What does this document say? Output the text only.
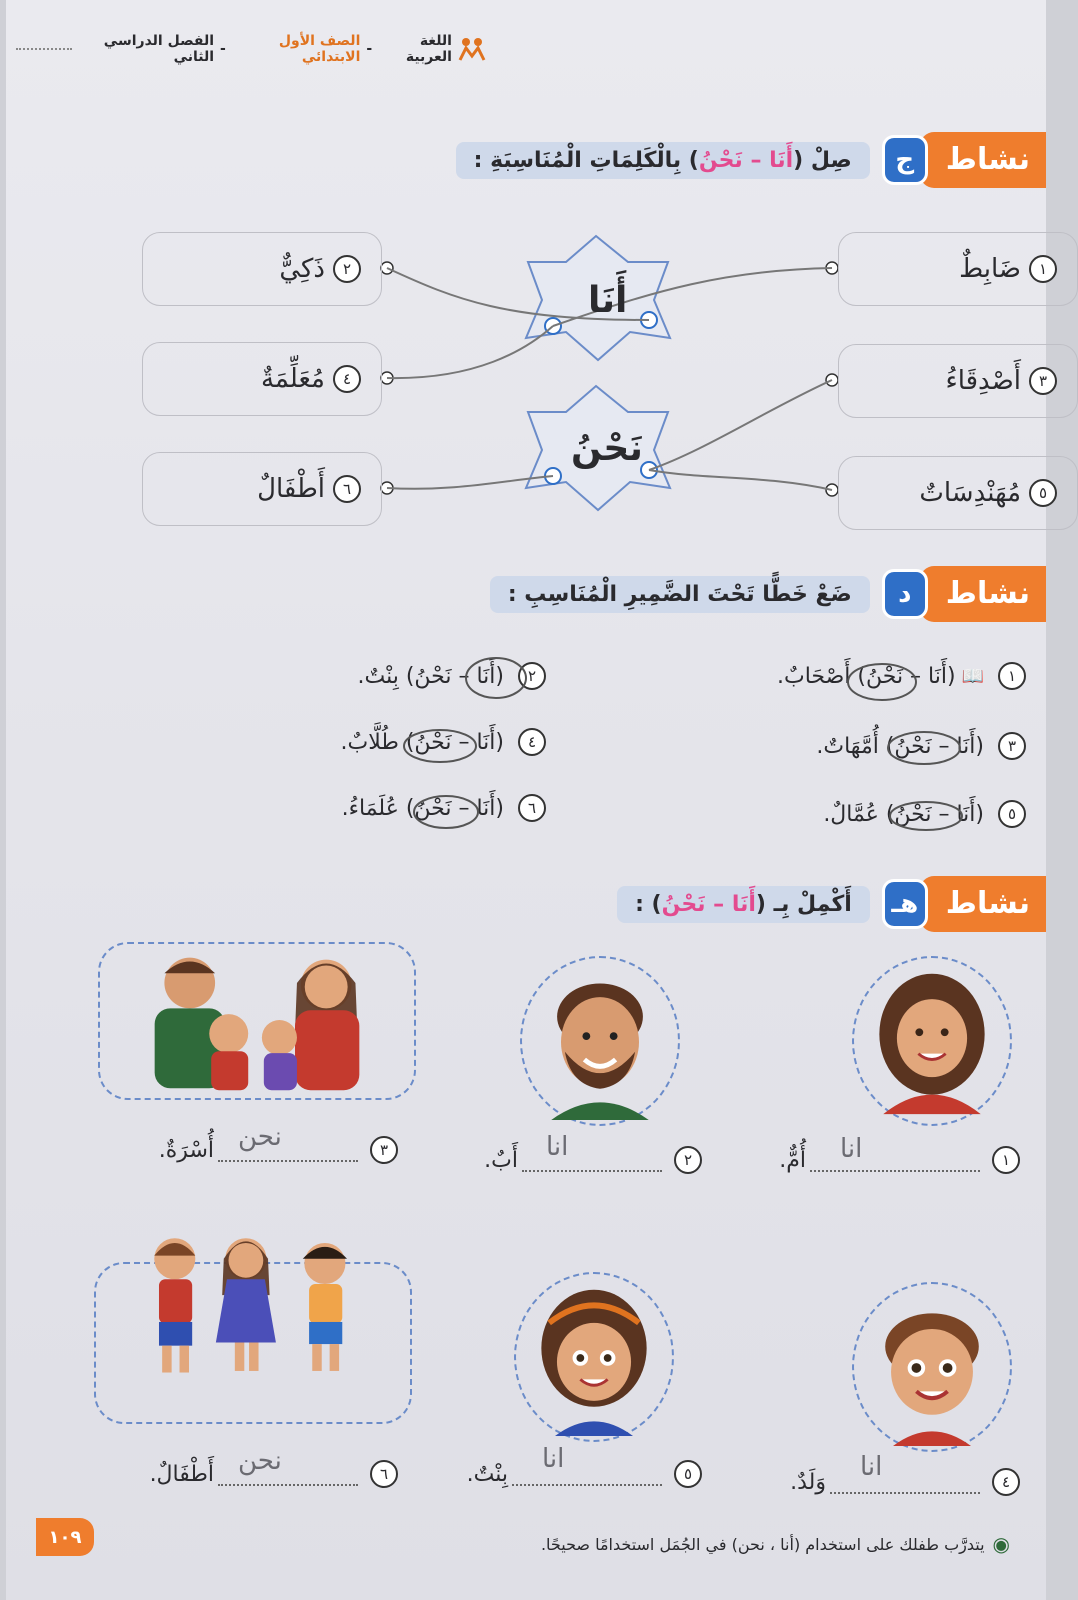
اللغة العربية
-
الصف الأول الابتدائي
-
الفصل الدراسي الثاني
نشاط
ج
صِلْ (أَنَا – نَحْنُ) بِالْكَلِمَاتِ الْمُنَاسِبَةِ :
أَنَا
نَحْنُ
١
ضَابِطٌ
٣
أَصْدِقَاءُ
٥
مُهَنْدِسَاتٌ
٢
ذَكِيٌّ
٤
مُعَلِّمَةٌ
٦
أَطْفَالٌ
نشاط
د
ضَعْ خَطًّا تَحْتَ الضَّمِيرِ الْمُنَاسِبِ :
١
📖
(أَنَا – نَحْنُ) أَصْحَابٌ.
٣
(أَنَا – نَحْنُ) أُمَّهَاتٌ.
٥
(أَنَا – نَحْنُ) عُمَّالٌ.
٢
(أَنَا – نَحْنُ) بِنْتٌ.
٤
(أَنَا – نَحْنُ) طُلَّابٌ.
٦
(أَنَا – نَحْنُ) عُلَمَاءُ.
نشاط
هـ
أَكْمِلْ بِـ (أَنَا – نَحْنُ) :
١
انا
أُمٌّ.
٢
انا
أَبٌ.
٣
نحن
أُسْرَةٌ.
٤
انا
وَلَدٌ.
٥
انا
بِنْتٌ.
٦
نحن
أَطْفَالٌ.
◉
يتدرَّب طفلك على استخدام (أنا ، نحن) في الجُمَل استخدامًا صحيحًا.
١٠٩
